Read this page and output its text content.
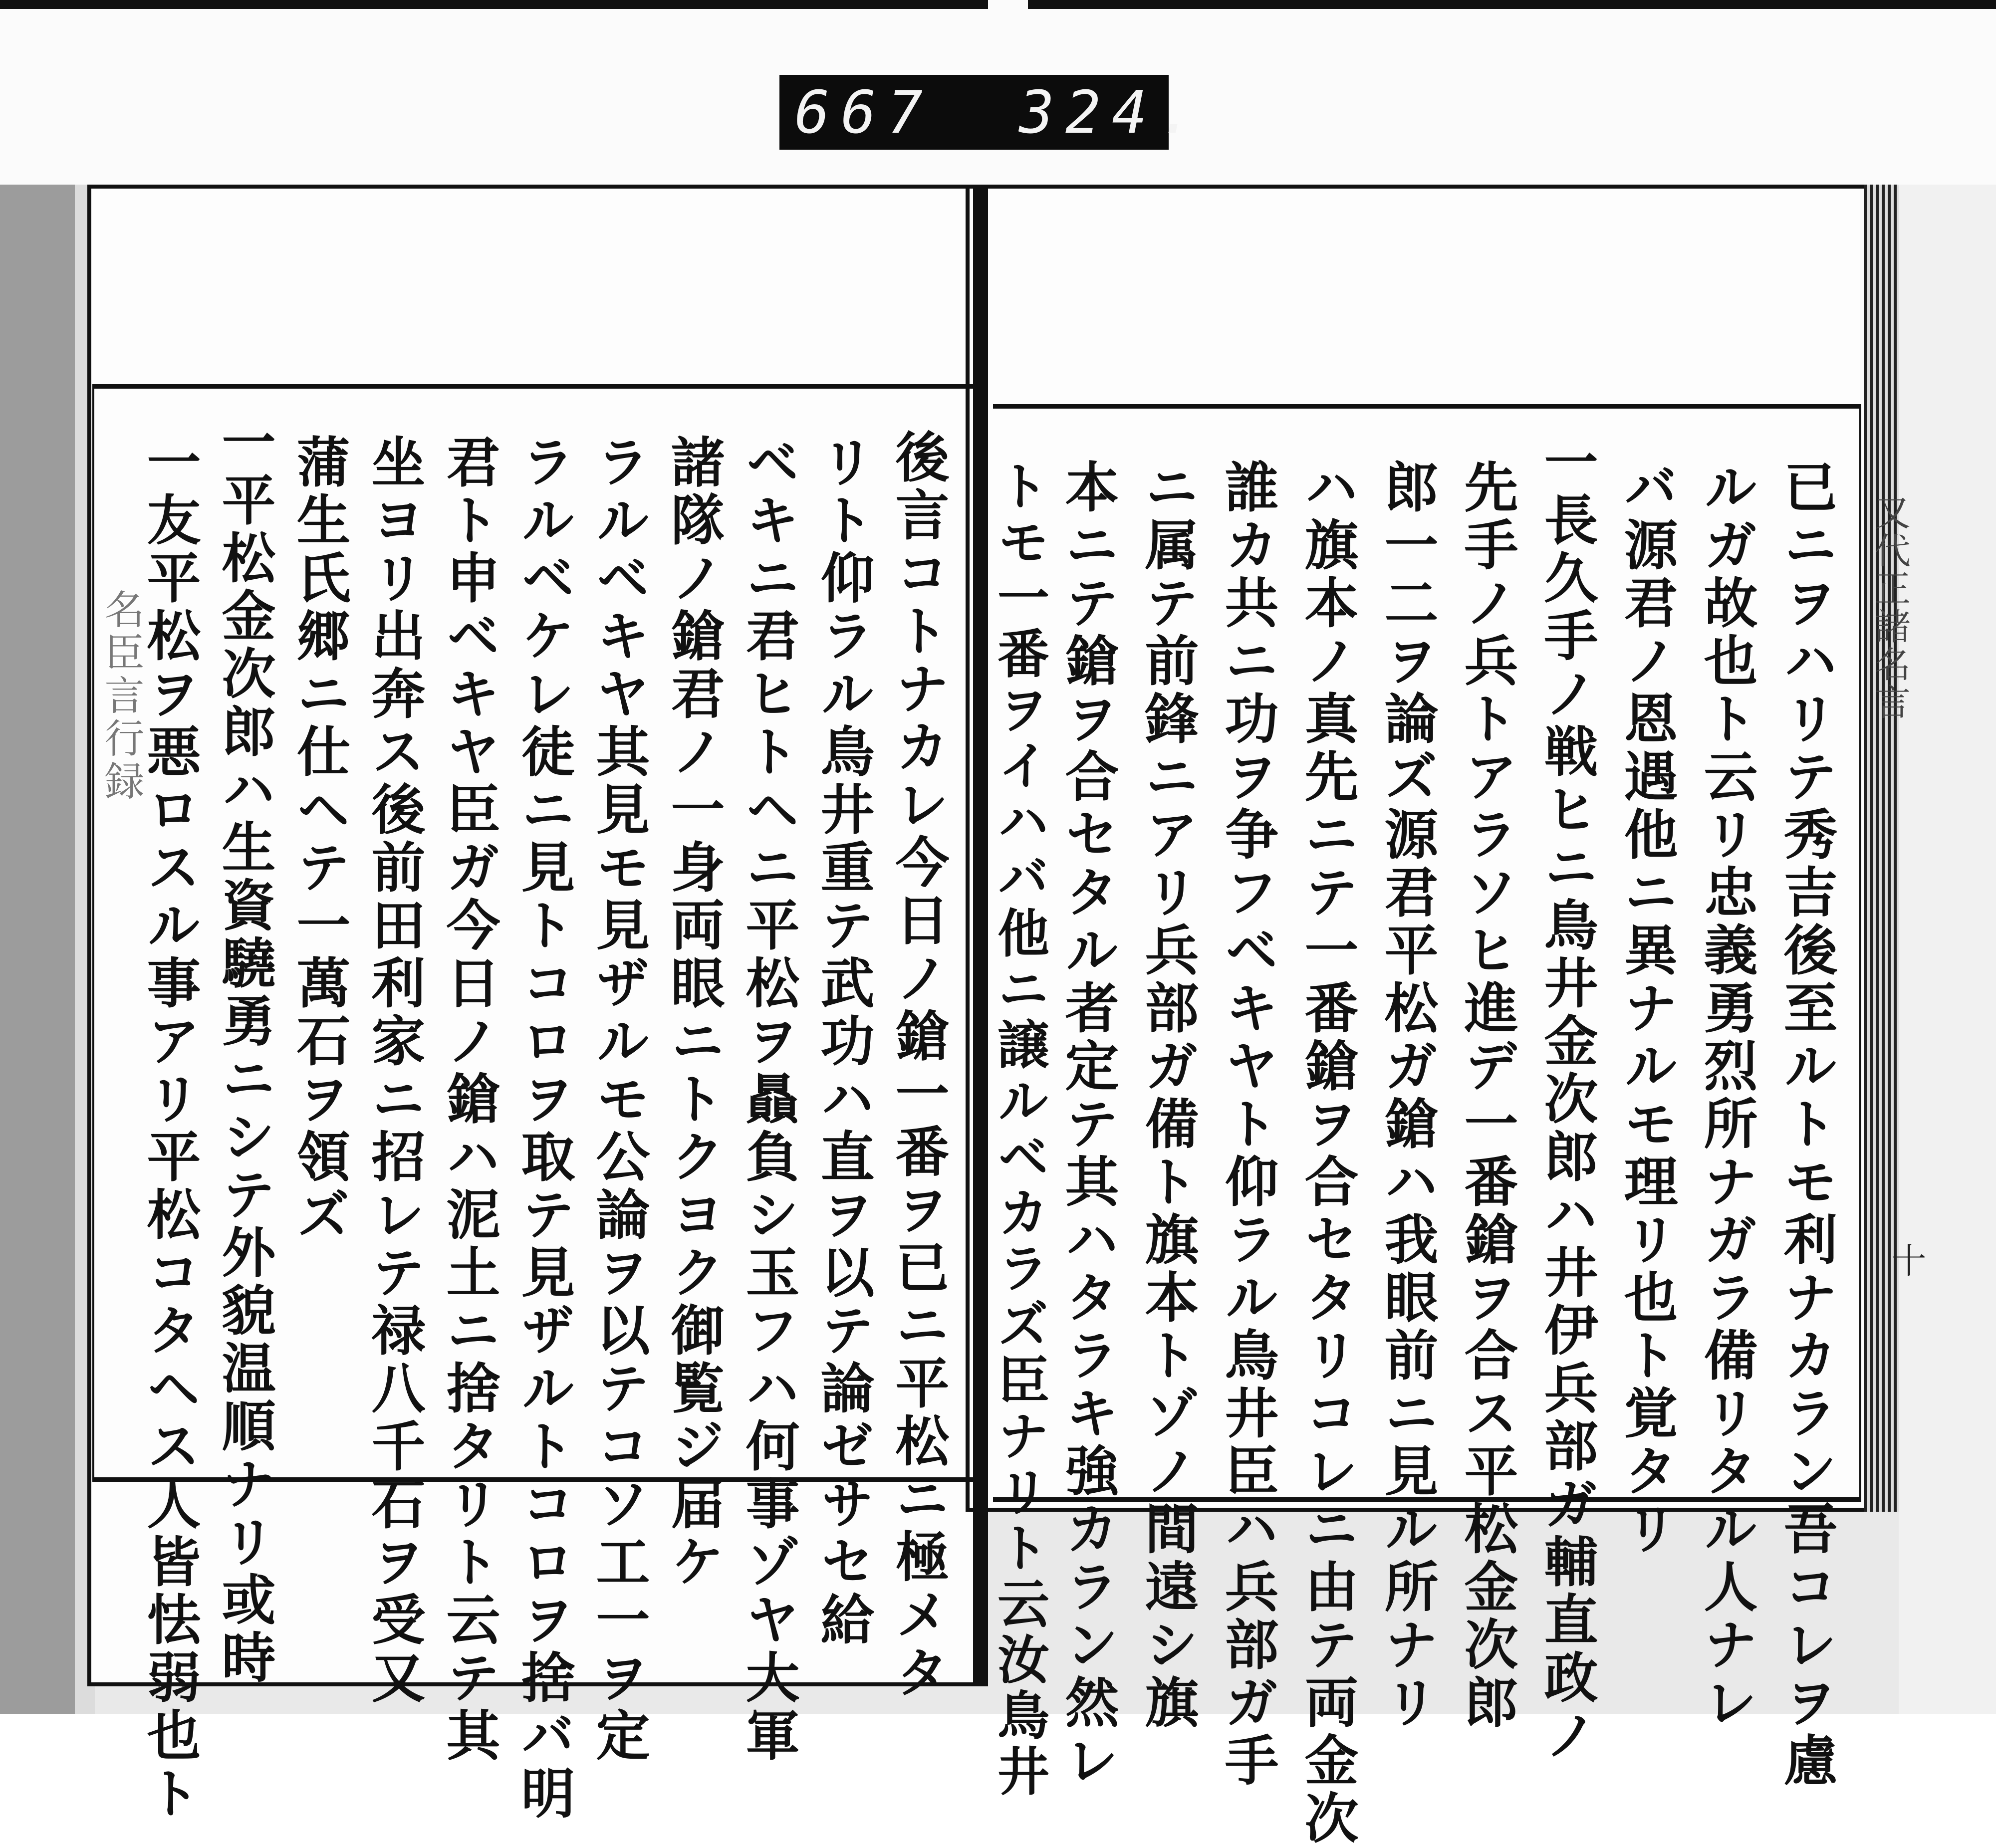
667 324.
名臣言行録	又代正諸名言
十
已ニヲハリテ秀吉後至ルトモ利ナカラン吾コレヲ慮
ルガ故也ト云リ忠義勇烈所ナガラ備リタル人ナレ
バ源君ノ恩遇他ニ異ナルモ理リ也ト覚タリ
一長久手ノ戦ヒニ鳥井金次郎ハ井伊兵部ガ輔直政ノ
先手ノ兵トアラソヒ進デ一番鎗ヲ合ス平松金次郎
郎一二ヲ論ズ源君平松ガ鎗ハ我眼前ニ見ル所ナリ
ハ旗本ノ真先ニテ一番鎗ヲ合セタリコレニ由テ両金次
誰カ共ニ功ヲ争フベキヤト仰ラル鳥井臣ハ兵部ガ手
ニ属テ前鋒ニアリ兵部ガ備ト旗本トゾノ間遠シ旗
本ニテ鎗ヲ合セタル者定テ其ハタラキ強カラン然レ
トモ一番ヲイハバ他ニ譲ルベカラズ臣ナリト云汝鳥井
後言コトナカレ今日ノ鎗一番ヲ已ニ平松ニ極メタ
リト仰ラル鳥井重テ武功ハ直ヲ以テ論ゼサセ給
ベキニ君ヒトヘニ平松ヲ贔負シ玉フハ何事ゾヤ大軍
諸隊ノ鎗君ノ一身両眼ニトクヨク御覧ジ届ケ
ラルベキヤ其見モ見ザルモ公論ヲ以テコソ工一ヲ定
ラルベケレ徒ニ見トコロヲ取テ見ザルトコロヲ捨バ明
君ト申ベキヤ臣ガ今日ノ鎗ハ泥土ニ捨タリト云テ其
坐ヨリ出奔ス後前田利家ニ招レテ禄八千石ヲ受又
蒲生氏郷ニ仕ヘテ一萬石ヲ領ズ
一平松金次郎ハ生資驍勇ニシテ外貌温順ナリ或時
一友平松ヲ悪ロスル事アリ平松コタヘス人皆怯弱也ト
